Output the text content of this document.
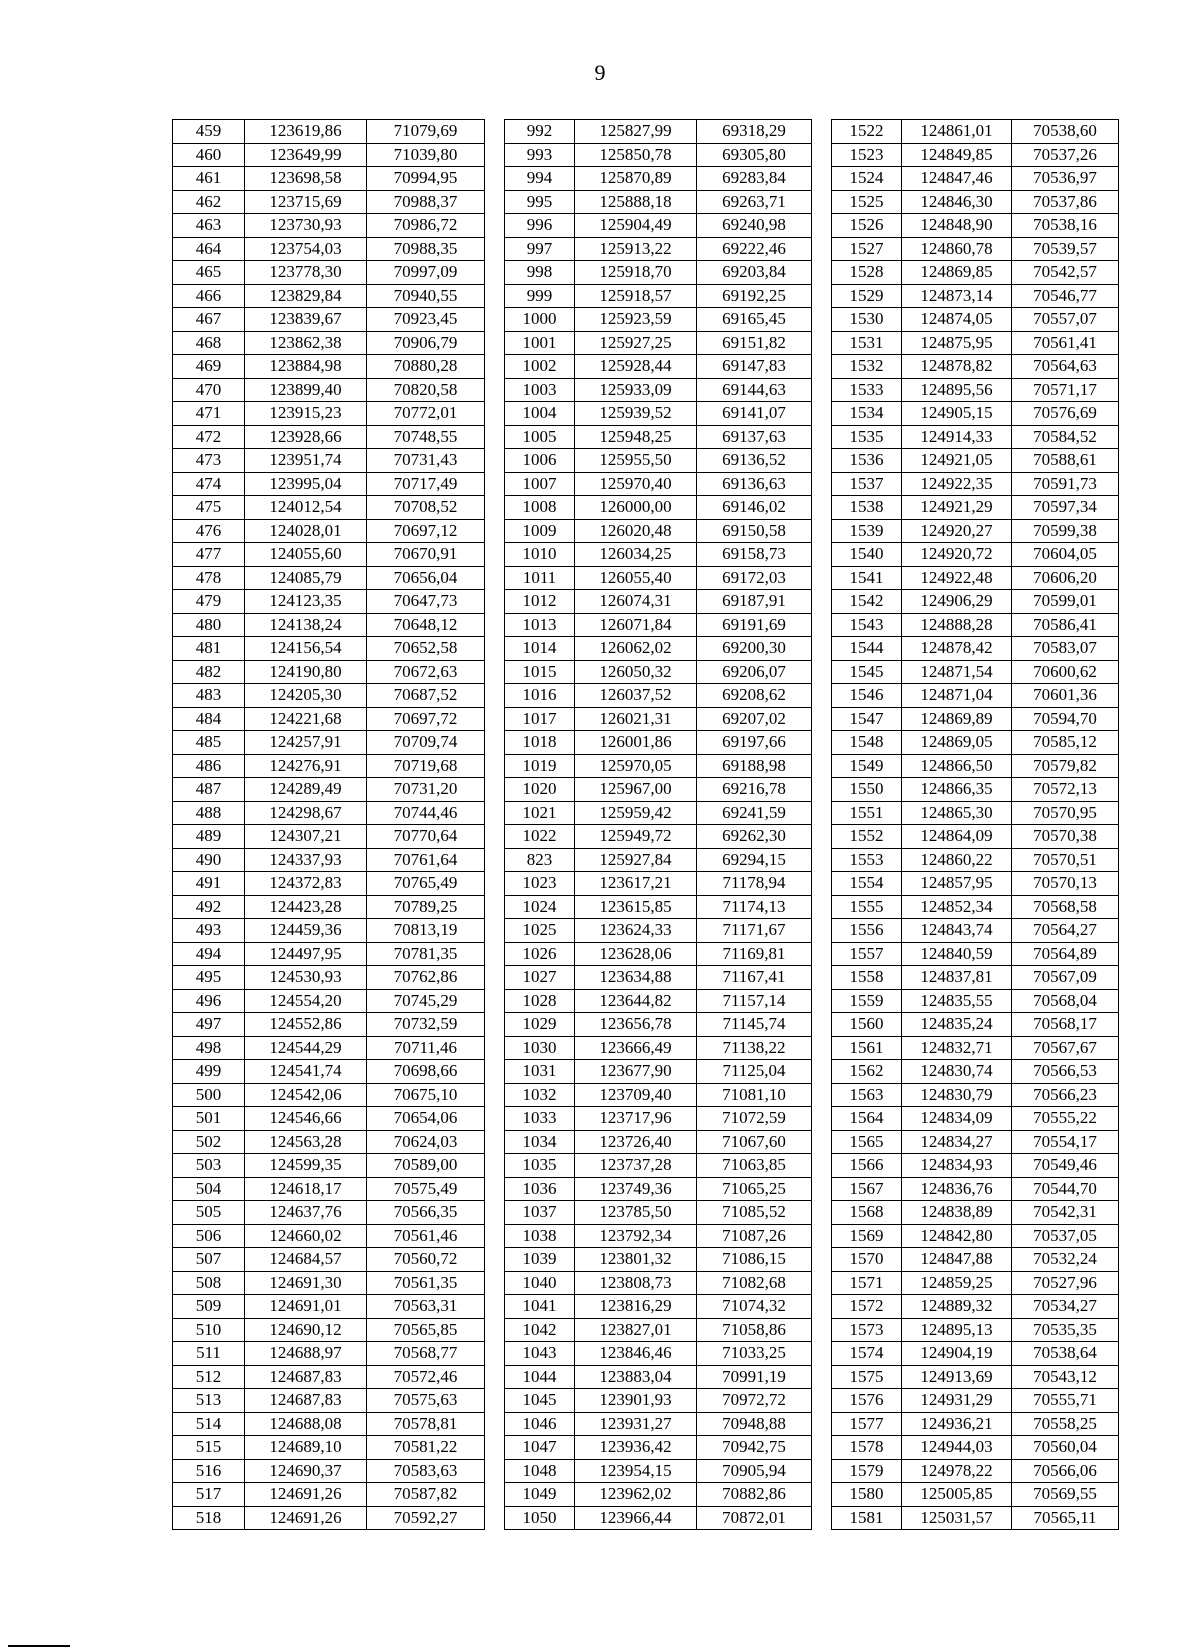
9
459	123619,86	71079,69		992	125827,99	69318,29		1522	124861,01	70538,60
460	123649,99	71039,80		993	125850,78	69305,80		1523	124849,85	70537,26
461	123698,58	70994,95		994	125870,89	69283,84		1524	124847,46	70536,97
462	123715,69	70988,37		995	125888,18	69263,71		1525	124846,30	70537,86
463	123730,93	70986,72		996	125904,49	69240,98		1526	124848,90	70538,16
464	123754,03	70988,35		997	125913,22	69222,46		1527	124860,78	70539,57
465	123778,30	70997,09		998	125918,70	69203,84		1528	124869,85	70542,57
466	123829,84	70940,55		999	125918,57	69192,25		1529	124873,14	70546,77
467	123839,67	70923,45		1000	125923,59	69165,45		1530	124874,05	70557,07
468	123862,38	70906,79		1001	125927,25	69151,82		1531	124875,95	70561,41
469	123884,98	70880,28		1002	125928,44	69147,83		1532	124878,82	70564,63
470	123899,40	70820,58		1003	125933,09	69144,63		1533	124895,56	70571,17
471	123915,23	70772,01		1004	125939,52	69141,07		1534	124905,15	70576,69
472	123928,66	70748,55		1005	125948,25	69137,63		1535	124914,33	70584,52
473	123951,74	70731,43		1006	125955,50	69136,52		1536	124921,05	70588,61
474	123995,04	70717,49		1007	125970,40	69136,63		1537	124922,35	70591,73
475	124012,54	70708,52		1008	126000,00	69146,02		1538	124921,29	70597,34
476	124028,01	70697,12		1009	126020,48	69150,58		1539	124920,27	70599,38
477	124055,60	70670,91		1010	126034,25	69158,73		1540	124920,72	70604,05
478	124085,79	70656,04		1011	126055,40	69172,03		1541	124922,48	70606,20
479	124123,35	70647,73		1012	126074,31	69187,91		1542	124906,29	70599,01
480	124138,24	70648,12		1013	126071,84	69191,69		1543	124888,28	70586,41
481	124156,54	70652,58		1014	126062,02	69200,30		1544	124878,42	70583,07
482	124190,80	70672,63		1015	126050,32	69206,07		1545	124871,54	70600,62
483	124205,30	70687,52		1016	126037,52	69208,62		1546	124871,04	70601,36
484	124221,68	70697,72		1017	126021,31	69207,02		1547	124869,89	70594,70
485	124257,91	70709,74		1018	126001,86	69197,66		1548	124869,05	70585,12
486	124276,91	70719,68		1019	125970,05	69188,98		1549	124866,50	70579,82
487	124289,49	70731,20		1020	125967,00	69216,78		1550	124866,35	70572,13
488	124298,67	70744,46		1021	125959,42	69241,59		1551	124865,30	70570,95
489	124307,21	70770,64		1022	125949,72	69262,30		1552	124864,09	70570,38
490	124337,93	70761,64		823	125927,84	69294,15		1553	124860,22	70570,51
491	124372,83	70765,49		1023	123617,21	71178,94		1554	124857,95	70570,13
492	124423,28	70789,25		1024	123615,85	71174,13		1555	124852,34	70568,58
493	124459,36	70813,19		1025	123624,33	71171,67		1556	124843,74	70564,27
494	124497,95	70781,35		1026	123628,06	71169,81		1557	124840,59	70564,89
495	124530,93	70762,86		1027	123634,88	71167,41		1558	124837,81	70567,09
496	124554,20	70745,29		1028	123644,82	71157,14		1559	124835,55	70568,04
497	124552,86	70732,59		1029	123656,78	71145,74		1560	124835,24	70568,17
498	124544,29	70711,46		1030	123666,49	71138,22		1561	124832,71	70567,67
499	124541,74	70698,66		1031	123677,90	71125,04		1562	124830,74	70566,53
500	124542,06	70675,10		1032	123709,40	71081,10		1563	124830,79	70566,23
501	124546,66	70654,06		1033	123717,96	71072,59		1564	124834,09	70555,22
502	124563,28	70624,03		1034	123726,40	71067,60		1565	124834,27	70554,17
503	124599,35	70589,00		1035	123737,28	71063,85		1566	124834,93	70549,46
504	124618,17	70575,49		1036	123749,36	71065,25		1567	124836,76	70544,70
505	124637,76	70566,35		1037	123785,50	71085,52		1568	124838,89	70542,31
506	124660,02	70561,46		1038	123792,34	71087,26		1569	124842,80	70537,05
507	124684,57	70560,72		1039	123801,32	71086,15		1570	124847,88	70532,24
508	124691,30	70561,35		1040	123808,73	71082,68		1571	124859,25	70527,96
509	124691,01	70563,31		1041	123816,29	71074,32		1572	124889,32	70534,27
510	124690,12	70565,85		1042	123827,01	71058,86		1573	124895,13	70535,35
511	124688,97	70568,77		1043	123846,46	71033,25		1574	124904,19	70538,64
512	124687,83	70572,46		1044	123883,04	70991,19		1575	124913,69	70543,12
513	124687,83	70575,63		1045	123901,93	70972,72		1576	124931,29	70555,71
514	124688,08	70578,81		1046	123931,27	70948,88		1577	124936,21	70558,25
515	124689,10	70581,22		1047	123936,42	70942,75		1578	124944,03	70560,04
516	124690,37	70583,63		1048	123954,15	70905,94		1579	124978,22	70566,06
517	124691,26	70587,82		1049	123962,02	70882,86		1580	125005,85	70569,55
518	124691,26	70592,27		1050	123966,44	70872,01		1581	125031,57	70565,11
